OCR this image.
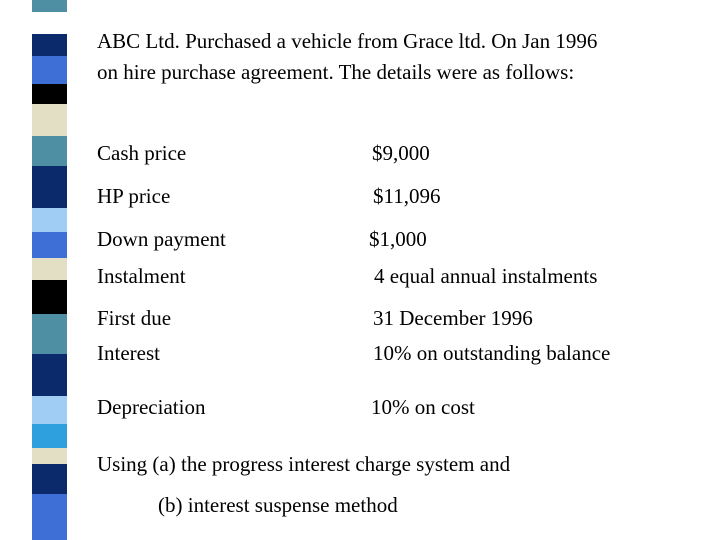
ABC Ltd. Purchased a vehicle from Grace ltd. On Jan 1996
on hire purchase agreement. The details were as follows:
Cash price	$9,000
HP price	$11,096
Down payment	$1,000
Instalment	4 equal annual instalments
First due	31 December 1996
Interest	10% on outstanding balance
Depreciation	10% on cost
Using (a) the progress interest charge system and
(b) interest suspense method
